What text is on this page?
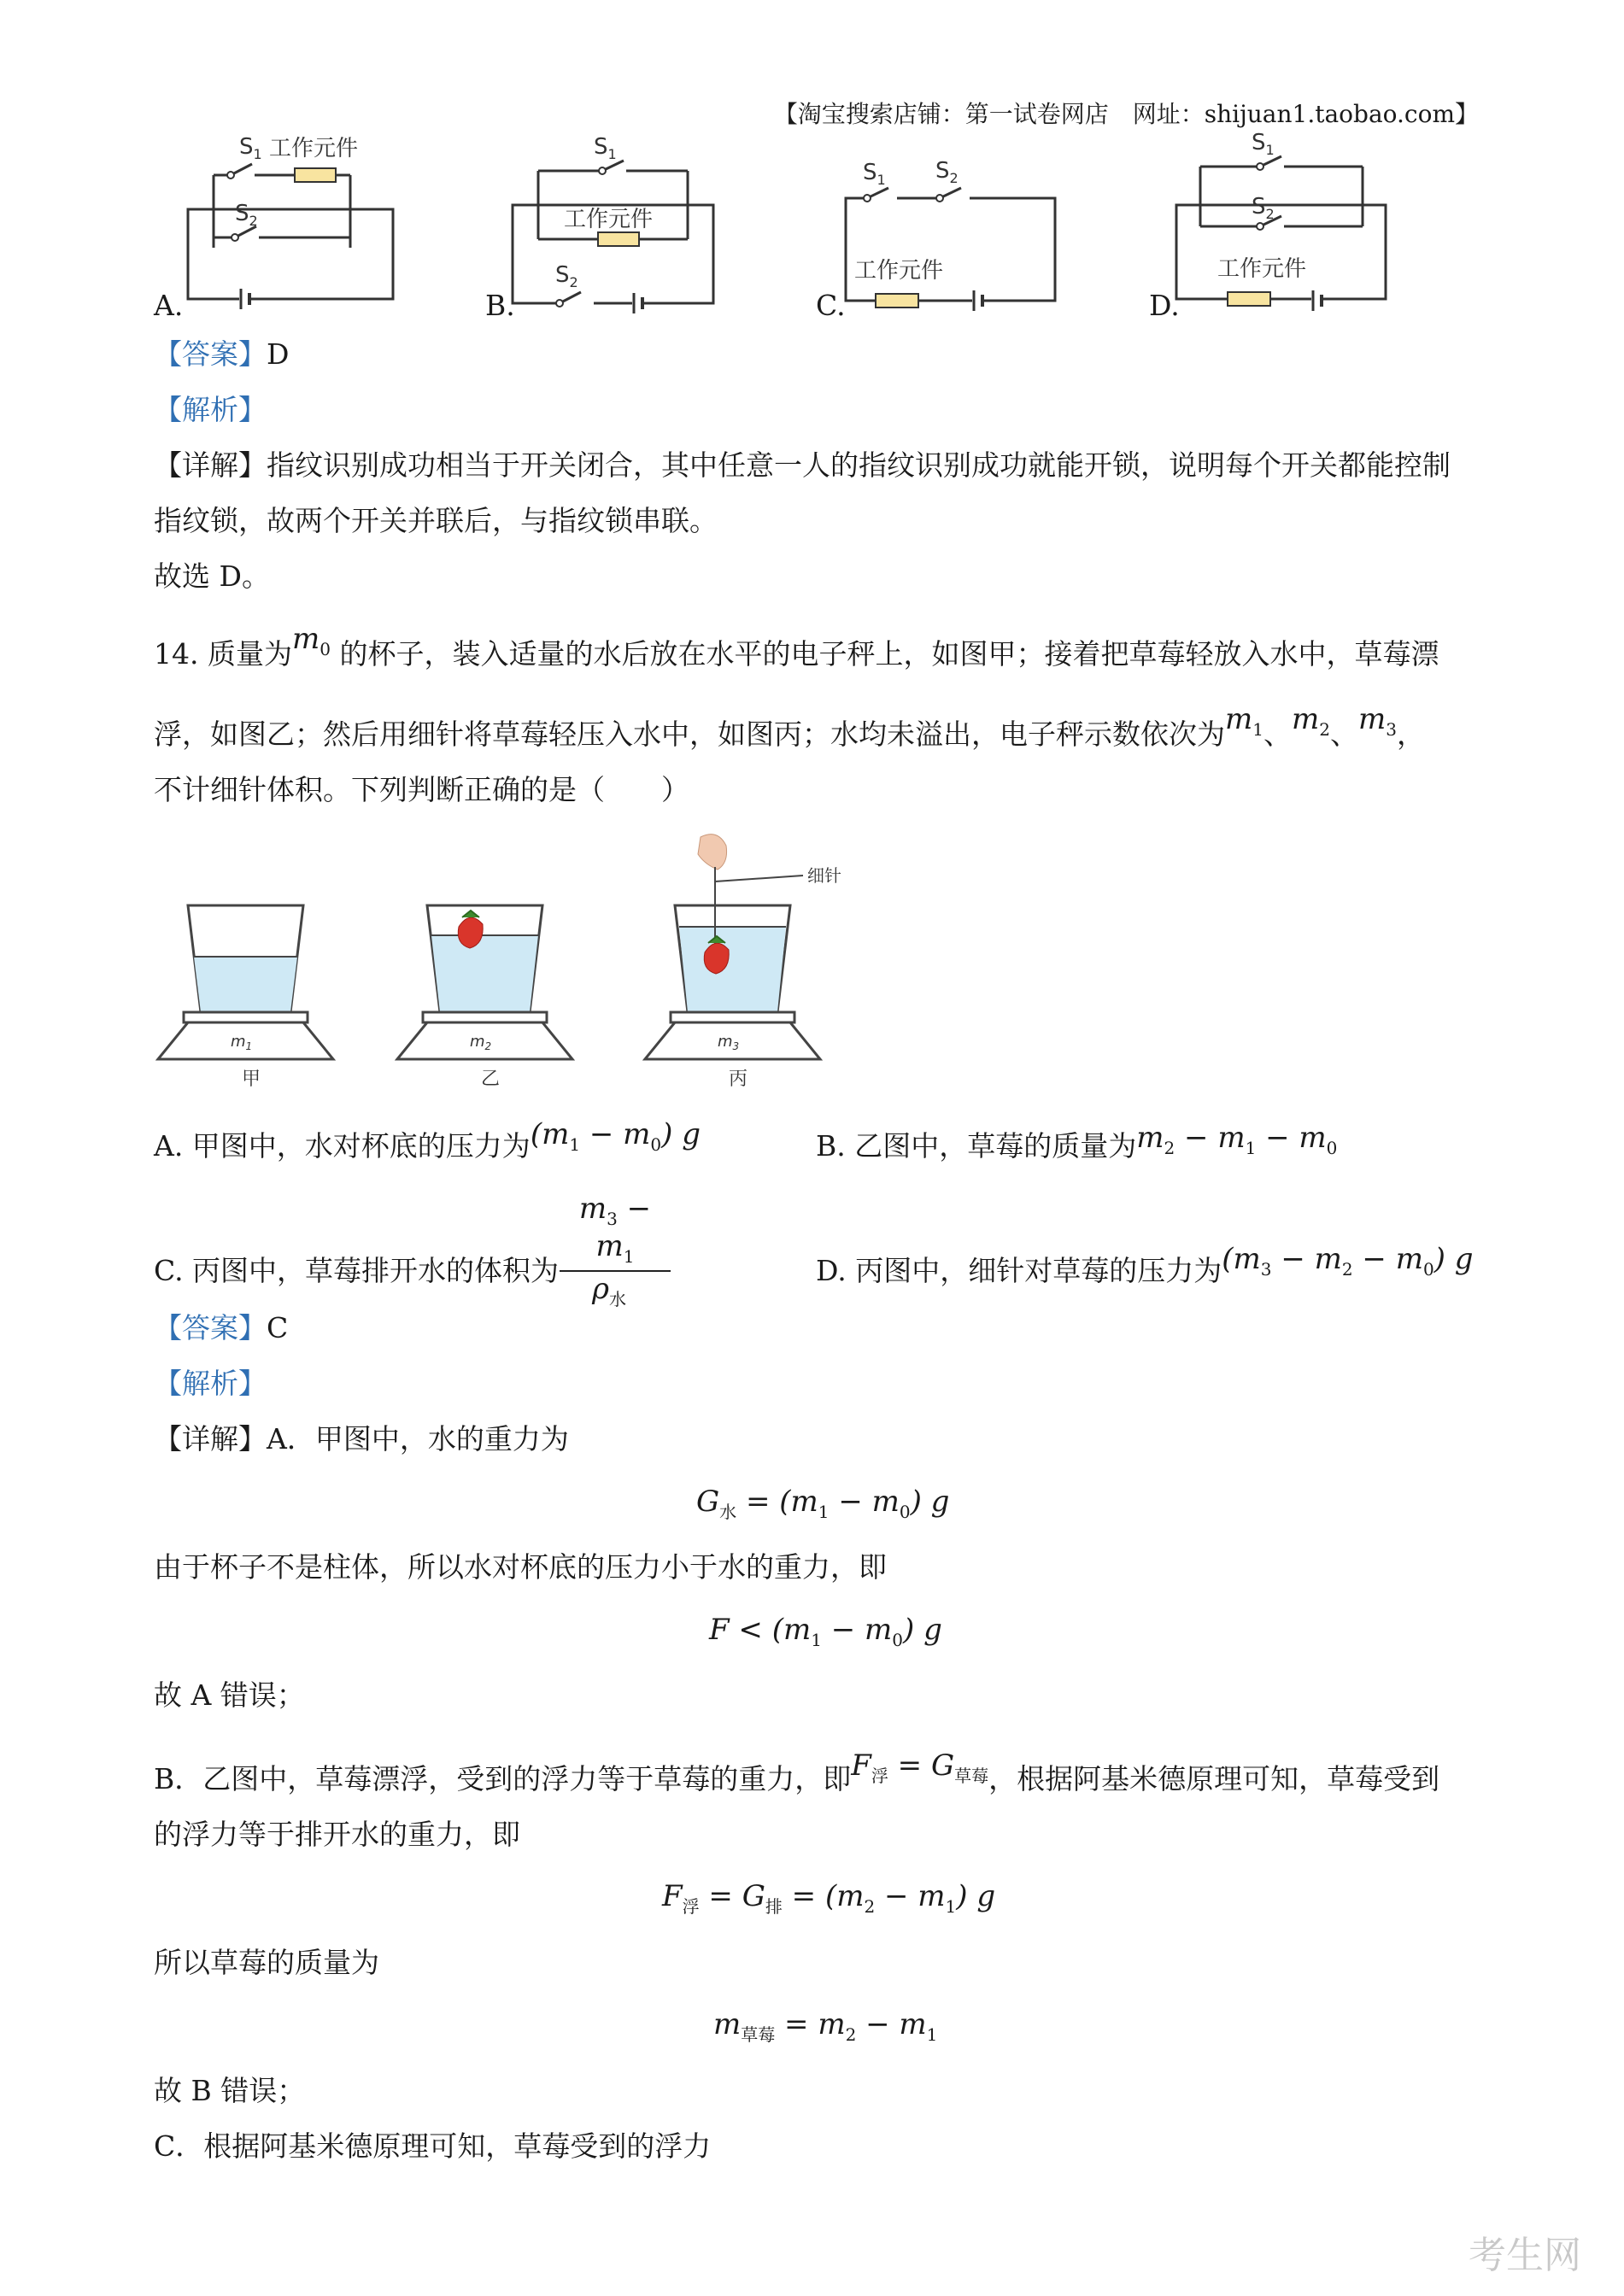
【淘宝搜索店铺：第一试卷网店　网址：shijuan1.taobao.com】
$S_1$ 工作元件
$S_2$
$S_1$
工作元件
$S_2$
$S_1$ $S_2$
工作元件
$S_1$
$S_2$
工作元件
A.	B.	C.	D.
【答案】D
【解析】
【详解】指纹识别成功相当于开关闭合，其中任意一人的指纹识别成功就能开锁，说明每个开关都能控制
指纹锁，故两个开关并联后，与指纹锁串联。
故选 D。
14. 质量为$m_0$ 的杯子，装入适量的水后放在水平的电子秤上，如图甲；接着把草莓轻放入水中，草莓漂
浮，如图乙；然后用细针将草莓轻压入水中，如图丙；水均未溢出，电子秤示数依次为$m_1$、$m_2$、$m_3$，
不计细针体积。下列判断正确的是（　　）
$m_1$	$m_2$
细针
$m_3$
甲	乙	丙
A. 甲图中，水对杯底的压力为$(m_1 - m_0)$ g	B. 乙图中，草莓的质量为$m_2 - m_1 - m_0$
C. 丙图中，草莓排开水的体积为
$m_3 - m_1$
$\rho_水$
D. 丙图中，细针对草莓的压力为$(m_3 - m_2 - m_0)$ g
【答案】C
【解析】
【详解】A．甲图中，水的重力为
$G_水 = (m_1 - m_0)$ g
由于杯子不是柱体，所以水对杯底的压力小于水的重力，即
$F < (m_1 - m_0)$ g
故 A 错误；
B．乙图中，草莓漂浮，受到的浮力等于草莓的重力，即$F_浮 = G_{草莓}$，根据阿基米德原理可知，草莓受到
的浮力等于排开水的重力，即
$F_浮 = G_排 = (m_2 - m_1)$ g
所以草莓的质量为
$m_{草莓} = m_2 - m_1$
故 B 错误；
C．根据阿基米德原理可知，草莓受到的浮力
考生网
